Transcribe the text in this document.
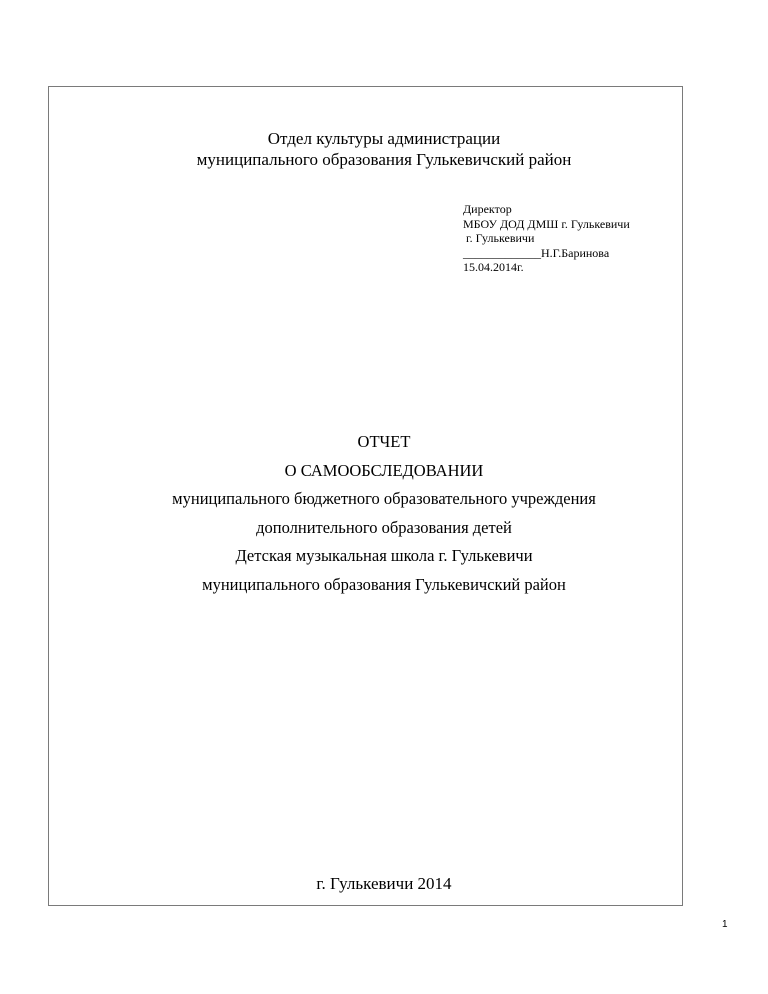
Отдел культуры администрации
муниципального образования Гулькевичский район
Директор
МБОУ ДОД ДМШ г. Гулькевичи
г. Гулькевичи
_____________Н.Г.Баринова
15.04.2014г.
ОТЧЕТ
О САМООБСЛЕДОВАНИИ
муниципального бюджетного образовательного учреждения
дополнительного образования детей
Детская музыкальная школа г. Гулькевичи
муниципального образования Гулькевичский район
г. Гулькевичи 2014
1
